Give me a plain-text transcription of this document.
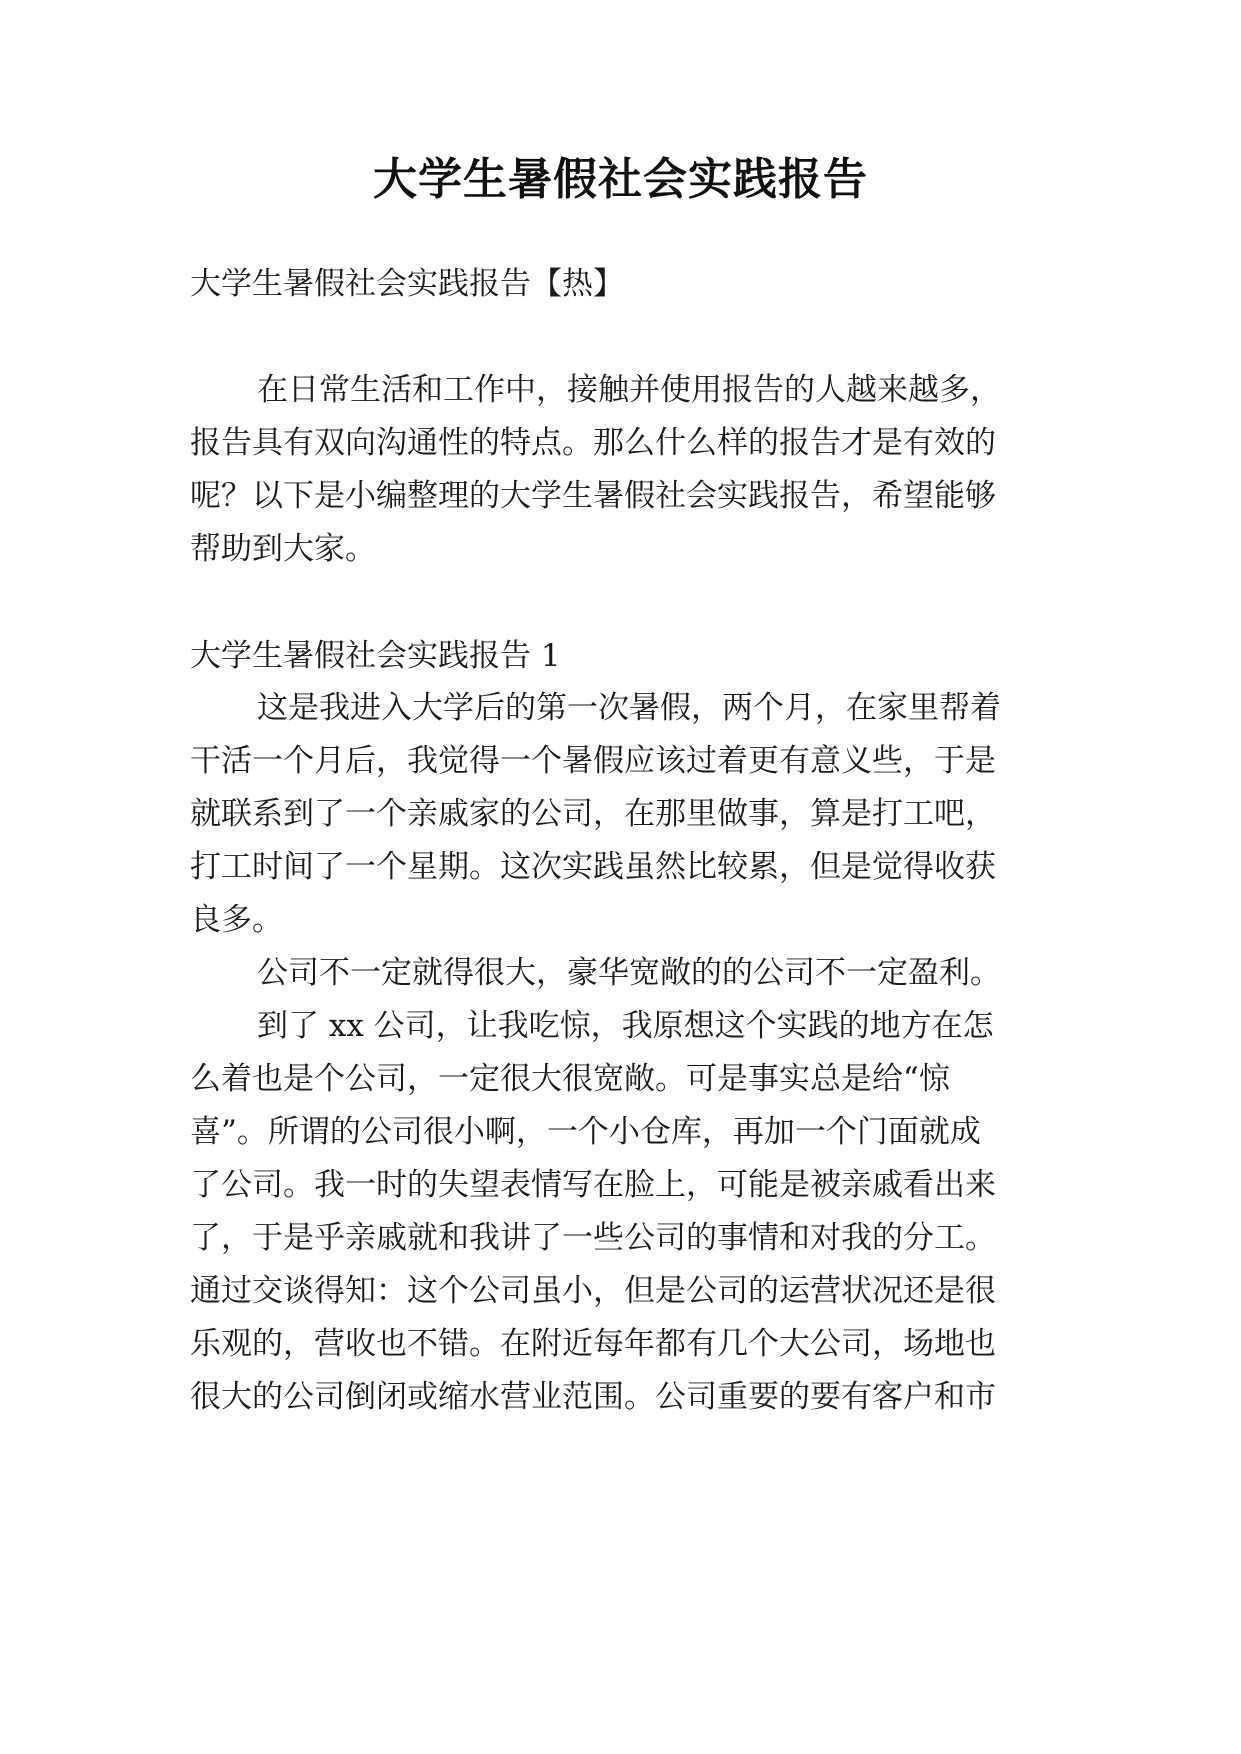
大学生暑假社会实践报告
大学生暑假社会实践报告【热】
在日常生活和工作中，接触并使用报告的人越来越多，
报告具有双向沟通性的特点。那么什么样的报告才是有效的
呢？以下是小编整理的大学生暑假社会实践报告，希望能够
帮助到大家。
大学生暑假社会实践报告 1
这是我进入大学后的第一次暑假，两个月，在家里帮着
干活一个月后，我觉得一个暑假应该过着更有意义些，于是
就联系到了一个亲戚家的公司，在那里做事，算是打工吧，
打工时间了一个星期。这次实践虽然比较累，但是觉得收获
良多。
公司不一定就得很大，豪华宽敞的的公司不一定盈利。
到了 xx 公司，让我吃惊，我原想这个实践的地方在怎
么着也是个公司，一定很大很宽敞。可是事实总是给“惊
喜”。所谓的公司很小啊，一个小仓库，再加一个门面就成
了公司。我一时的失望表情写在脸上，可能是被亲戚看出来
了，于是乎亲戚就和我讲了一些公司的事情和对我的分工。
通过交谈得知：这个公司虽小，但是公司的运营状况还是很
乐观的，营收也不错。在附近每年都有几个大公司，场地也
很大的公司倒闭或缩水营业范围。公司重要的要有客户和市
